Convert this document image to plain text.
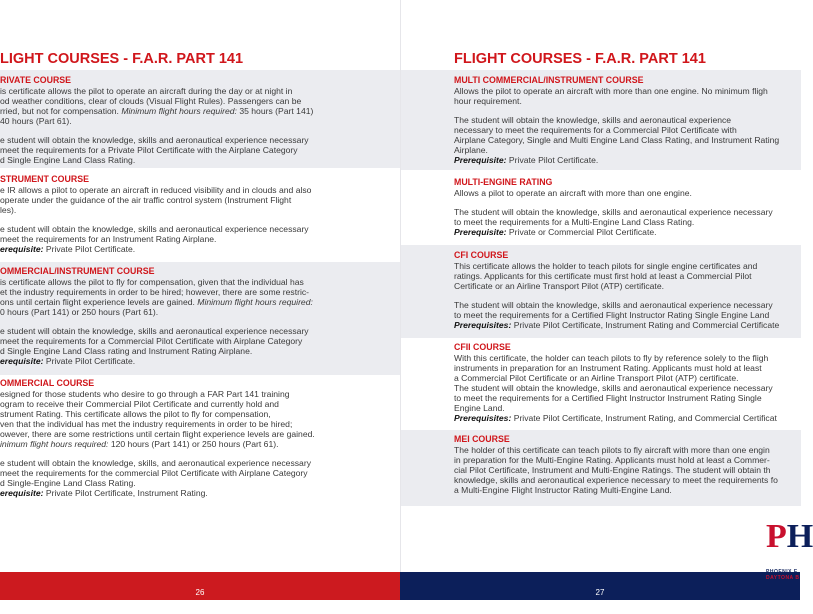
LIGHT COURSES - F.A.R. PART 141
RIVATE COURSE
is certificate allows the pilot to operate an aircraft during the day or at night in
od weather conditions, clear of clouds (Visual Flight Rules). Passengers can be
rried, but not for compensation. Minimum flight hours required: 35 hours (Part 141)
40 hours (Part 61).
e student will obtain the knowledge, skills and aeronautical experience necessary
meet the requirements for a Private Pilot Certificate with the Airplane Category
d Single Engine Land Class Rating.
STRUMENT COURSE
e IR allows a pilot to operate an aircraft in reduced visibility and in clouds and also
operate under the guidance of the air traffic control system (Instrument Flight
les).
e student will obtain the knowledge, skills and aeronautical experience necessary
meet the requirements for an Instrument Rating Airplane.
erequisite: Private Pilot Certificate.
OMMERCIAL/INSTRUMENT COURSE
is certificate allows the pilot to fly for compensation, given that the individual has
et the industry requirements in order to be hired; however, there are some restric-
ons until certain flight experience levels are gained. Minimum flight hours required:
0 hours (Part 141) or 250 hours (Part 61).
e student will obtain the knowledge, skills and aeronautical experience necessary
meet the requirements for a Commercial Pilot Certificate with Airplane Category
d Single Engine Land Class rating and Instrument Rating Airplane.
erequisite: Private Pilot Certificate.
OMMERCIAL COURSE
esigned for those students who desire to go through a FAR Part 141 training
ogram to receive their Commercial Pilot Certificate and currently hold and
strument Rating. This certificate allows the pilot to fly for compensation,
ven that the individual has met the industry requirements in order to be hired;
owever, there are some restrictions until certain flight experience levels are gained.
inimum flight hours required: 120 hours (Part 141) or 250 hours (Part 61).
e student will obtain the knowledge, skills, and aeronautical experience necessary
meet the requirements for the commercial Pilot Certificate with Airplane Category
d Single-Engine Land Class Rating.
erequisite: Private Pilot Certificate, Instrument Rating.
FLIGHT COURSES - F.A.R. PART 141
MULTI COMMERCIAL/INSTRUMENT COURSE
Allows the pilot to operate an aircraft with more than one engine. No minimum fligh
hour requirement.
The student will obtain the knowledge, skills and aeronautical experience
necessary to meet the requirements for a Commercial Pilot Certificate with
Airplane Category, Single and Multi Engine Land Class Rating, and Instrument Rating
Airplane.
Prerequisite: Private Pilot Certificate.
MULTI-ENGINE RATING
Allows a pilot to operate an aircraft with more than one engine.
The student will obtain the knowledge, skills and aeronautical experience necessary
to meet the requirements for a Multi-Engine Land Class Rating.
Prerequisite: Private or Commercial Pilot Certificate.
CFI COURSE
This certificate allows the holder to teach pilots for single engine certificates and
ratings. Applicants for this certificate must first hold at least a Commercial Pilot
Certificate or an Airline Transport Pilot (ATP) certificate.
The student will obtain the knowledge, skills and aeronautical experience necessary
to meet the requirements for a Certified Flight Instructor Rating Single Engine Land
Prerequisites: Private Pilot Certificate, Instrument Rating and Commercial Certificate
CFII COURSE
With this certificate, the holder can teach pilots to fly by reference solely to the fligh
instruments in preparation for an Instrument Rating. Applicants must hold at least
a Commercial Pilot Certificate or an Airline Transport Pilot (ATP) certificate.
The student will obtain the knowledge, skills and aeronautical experience necessary
to meet the requirements for a Certified Flight Instructor Instrument Rating Single
Engine Land.
Prerequisites: Private Pilot Certificate, Instrument Rating, and Commercial Certificat
MEI COURSE
The holder of this certificate can teach pilots to fly aircraft with more than one engin
in preparation for the Multi-Engine Rating. Applicants must hold at least a Commer-
cial Pilot Certificate, Instrument and Multi-Engine Ratings. The student will obtain th
knowledge, skills and aeronautical experience necessary to meet the requirements fo
a Multi-Engine Flight Instructor Rating Multi-Engine Land.
26	27
PH
PHOENIX E
DAYTONA B
